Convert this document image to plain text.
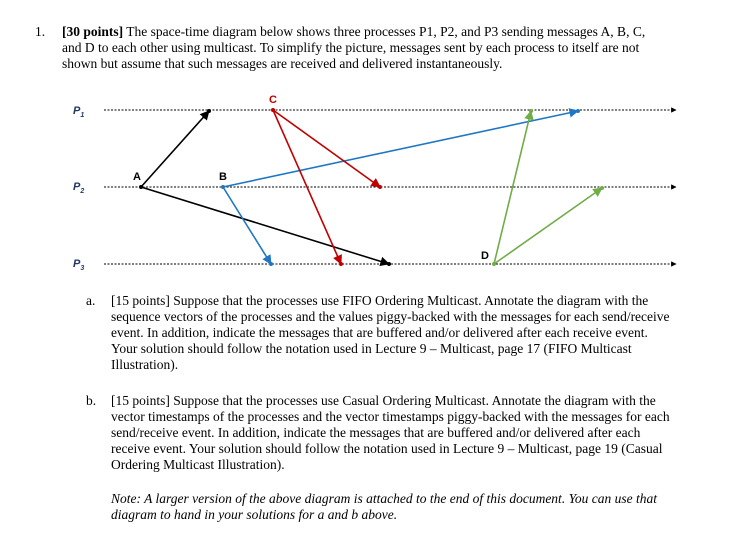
1. [30 points] The space-time diagram below shows three processes P1, P2, and P3 sending messages A, B, C, and D to each other using multicast. To simplify the picture, messages sent by each process to itself are not shown but assume that such messages are received and delivered instantaneously.
$P_1$
$P_2$
$P_3$
A	B
C
D
a. [15 points] Suppose that the processes use FIFO Ordering Multicast. Annotate the diagram with the sequence vectors of the processes and the values piggy-backed with the messages for each send/receive event. In addition, indicate the messages that are buffered and/or delivered after each receive event. Your solution should follow the notation used in Lecture 9 – Multicast, page 17 (FIFO Multicast Illustration).
b. [15 points] Suppose that the processes use Casual Ordering Multicast. Annotate the diagram with the vector timestamps of the processes and the vector timestamps piggy-backed with the messages for each send/receive event. In addition, indicate the messages that are buffered and/or delivered after each receive event. Your solution should follow the notation used in Lecture 9 – Multicast, page 19 (Casual Ordering Multicast Illustration).
Note: A larger version of the above diagram is attached to the end of this document. You can use that diagram to hand in your solutions for a and b above.
